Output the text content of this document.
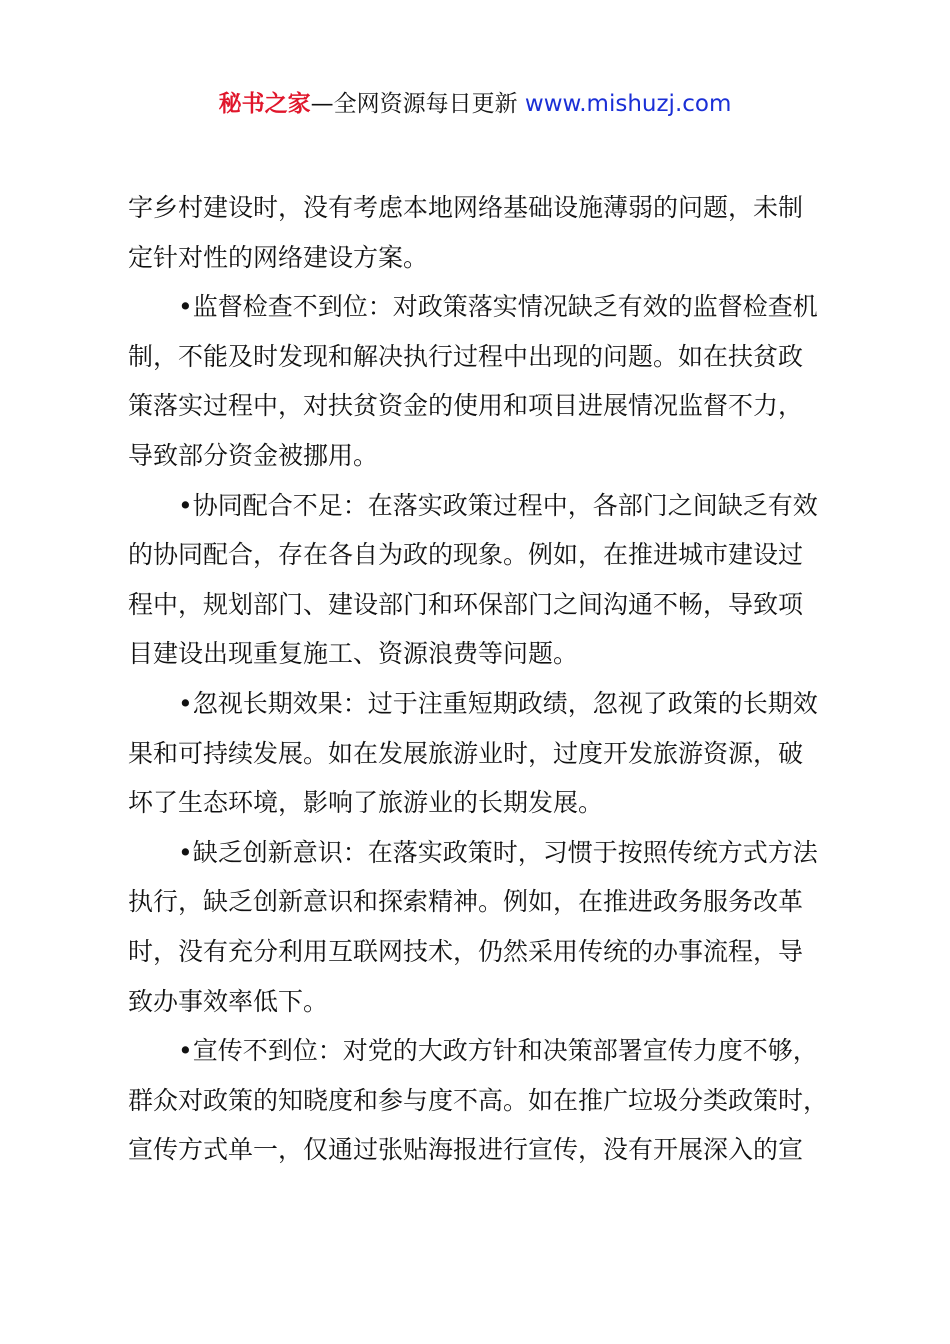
秘书之家—全网资源每日更新 www.mishuzj.com
字乡村建设时，没有考虑本地网络基础设施薄弱的问题，未制
定针对性的网络建设方案。
•监督检查不到位：对政策落实情况缺乏有效的监督检查机
制，不能及时发现和解决执行过程中出现的问题。如在扶贫政
策落实过程中，对扶贫资金的使用和项目进展情况监督不力，
导致部分资金被挪用。
•协同配合不足：在落实政策过程中，各部门之间缺乏有效
的协同配合，存在各自为政的现象。例如，在推进城市建设过
程中，规划部门、建设部门和环保部门之间沟通不畅，导致项
目建设出现重复施工、资源浪费等问题。
•忽视长期效果：过于注重短期政绩，忽视了政策的长期效
果和可持续发展。如在发展旅游业时，过度开发旅游资源，破
坏了生态环境，影响了旅游业的长期发展。
•缺乏创新意识：在落实政策时，习惯于按照传统方式方法
执行，缺乏创新意识和探索精神。例如，在推进政务服务改革
时，没有充分利用互联网技术，仍然采用传统的办事流程，导
致办事效率低下。
•宣传不到位：对党的大政方针和决策部署宣传力度不够，
群众对政策的知晓度和参与度不高。如在推广垃圾分类政策时，
宣传方式单一，仅通过张贴海报进行宣传，没有开展深入的宣
